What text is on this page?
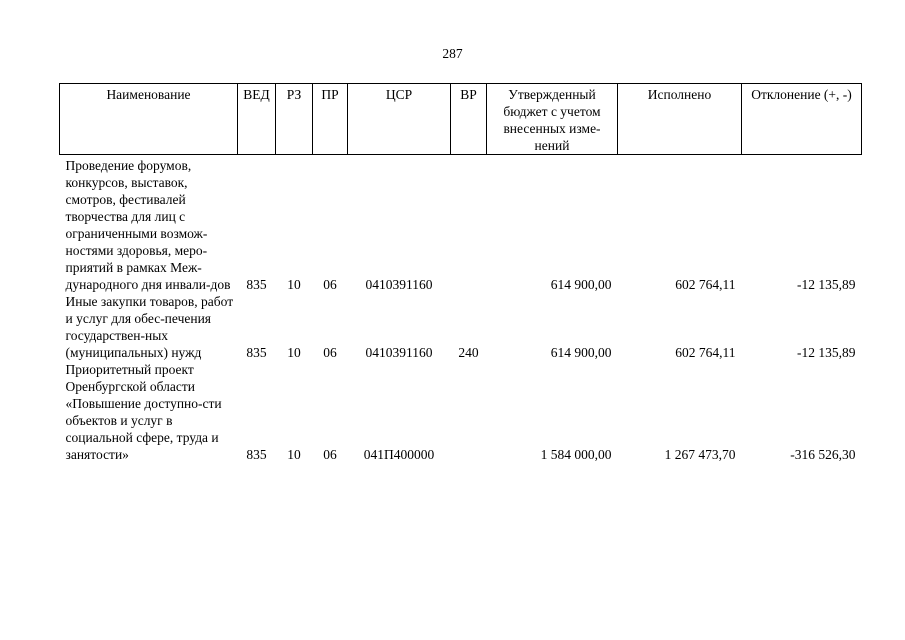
287
Наименование	ВЕД	РЗ	ПР	ЦСР	ВР	Утвержденный бюджет с учетом внесенных изме-нений	Исполнено	Отклонение (+, -)
Проведение форумов, конкурсов, выставок, смотров, фестивалей творчества для лиц с ограниченными возмож-ностями здоровья, меро-приятий в рамках Меж-дународного дня инвали-дов	835	10	06	0410391160		614 900,00	602 764,11	-12 135,89
Иные закупки товаров, работ и услуг для обес-печения государствен-ных (муниципальных) нужд	835	10	06	0410391160	240	614 900,00	602 764,11	-12 135,89
Приоритетный проект Оренбургской области «Повышение доступно-сти объектов и услуг в социальной сфере, труда и занятости»	835	10	06	041П400000		1 584 000,00	1 267 473,70	-316 526,30
